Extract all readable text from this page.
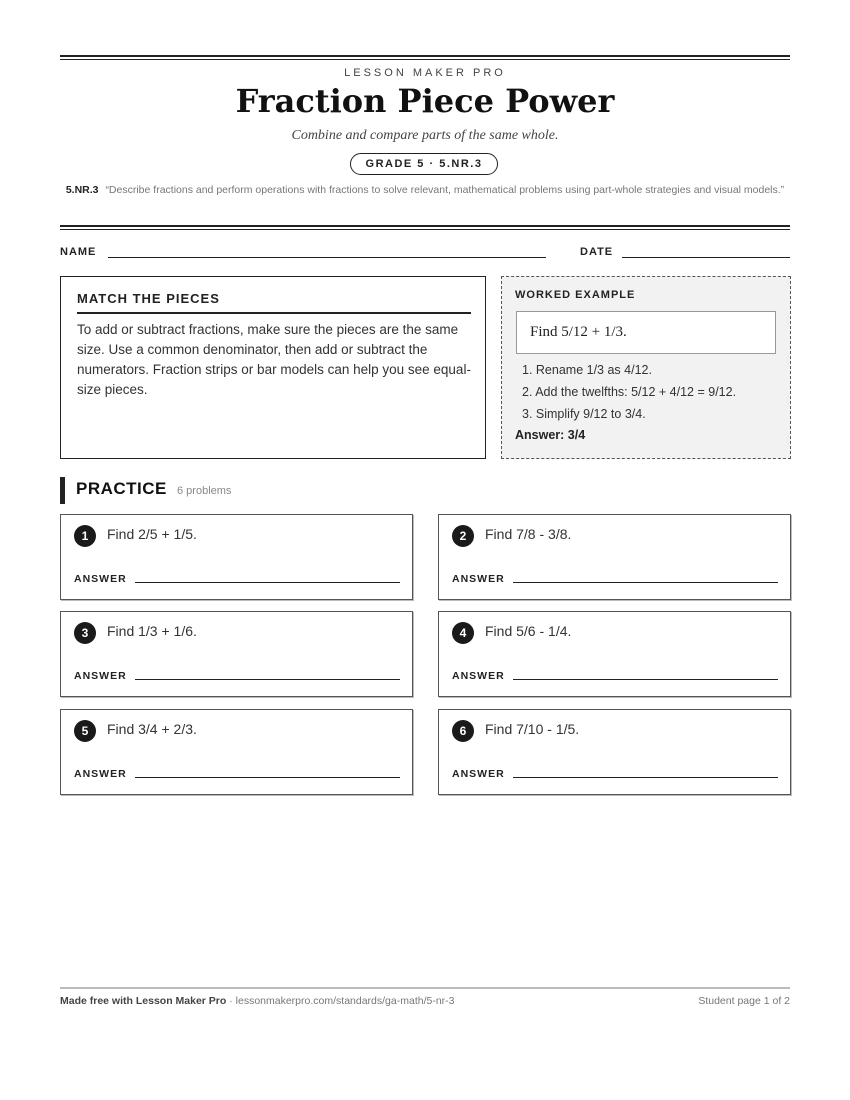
LESSON MAKER PRO
Fraction Piece Power
Combine and compare parts of the same whole.
GRADE 5 · 5.NR.3
5.NR.3 “Describe fractions and perform operations with fractions to solve relevant, mathematical problems using part-whole strategies and visual models.”
NAME	DATE
MATCH THE PIECES
To add or subtract fractions, make sure the pieces are the same size. Use a common denominator, then add or subtract the numerators. Fraction strips or bar models can help you see equal-size pieces.
WORKED EXAMPLE
Find 5/12 + 1/3.
1. Rename 1/3 as 4/12.
2. Add the twelfths: 5/12 + 4/12 = 9/12.
3. Simplify 9/12 to 3/4.
Answer: 3/4
PRACTICE 6 problems
1	Find 2/5 + 1/5.
ANSWER
2	Find 7/8 - 3/8.
ANSWER
3	Find 1/3 + 1/6.
ANSWER
4	Find 5/6 - 1/4.
ANSWER
5	Find 3/4 + 2/3.
ANSWER
6	Find 7/10 - 1/5.
ANSWER
Made free with Lesson Maker Pro · lessonmakerpro.com/standards/ga-math/5-nr-3	Student page 1 of 2
